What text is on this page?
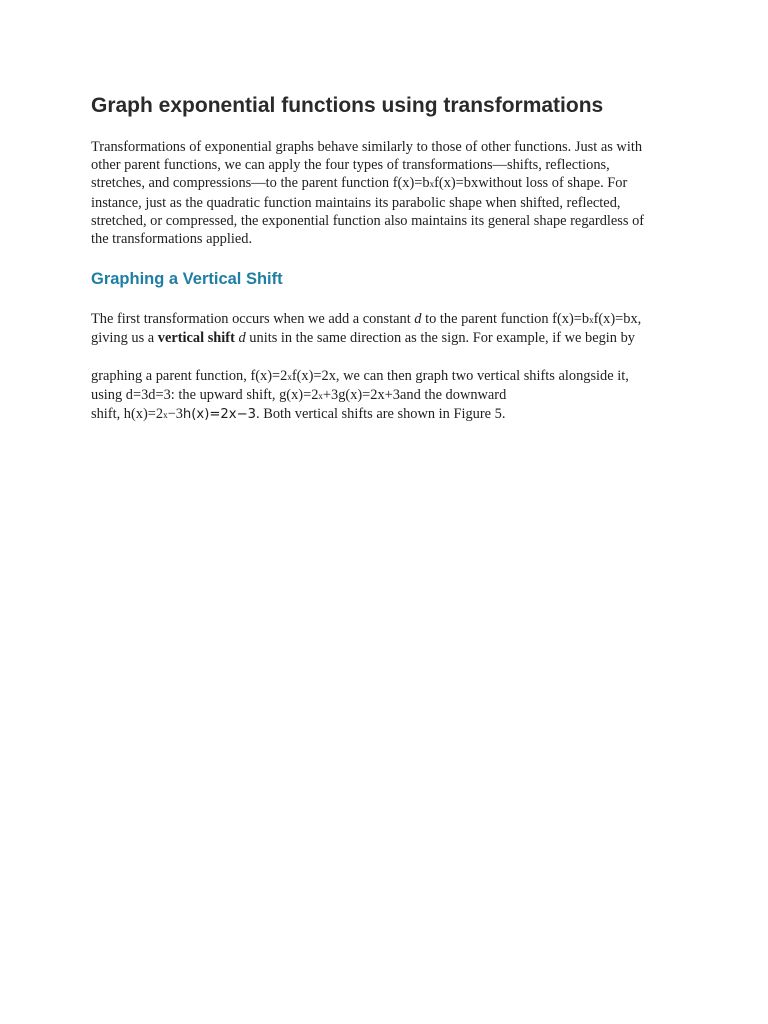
Graph exponential functions using transformations

Transformations of exponential graphs behave similarly to those of other functions. Just as with
other parent functions, we can apply the four types of transformations—shifts, reflections,
stretches, and compressions—to the parent function f(x)=bxf(x)=bxwithout loss of shape. For
instance, just as the quadratic function maintains its parabolic shape when shifted, reflected,
stretched, or compressed, the exponential function also maintains its general shape regardless of
the transformations applied.

Graphing a Vertical Shift

The first transformation occurs when we add a constant d to the parent function f(x)=bxf(x)=bx,
giving us a vertical shift d units in the same direction as the sign. For example, if we begin by

graphing a parent function, f(x)=2xf(x)=2x, we can then graph two vertical shifts alongside it,
using d=3d=3: the upward shift, g(x)=2x+3g(x)=2x+3and the downward
shift, h(x)=2x−3h(x)=2x−3. Both vertical shifts are shown in Figure 5.
